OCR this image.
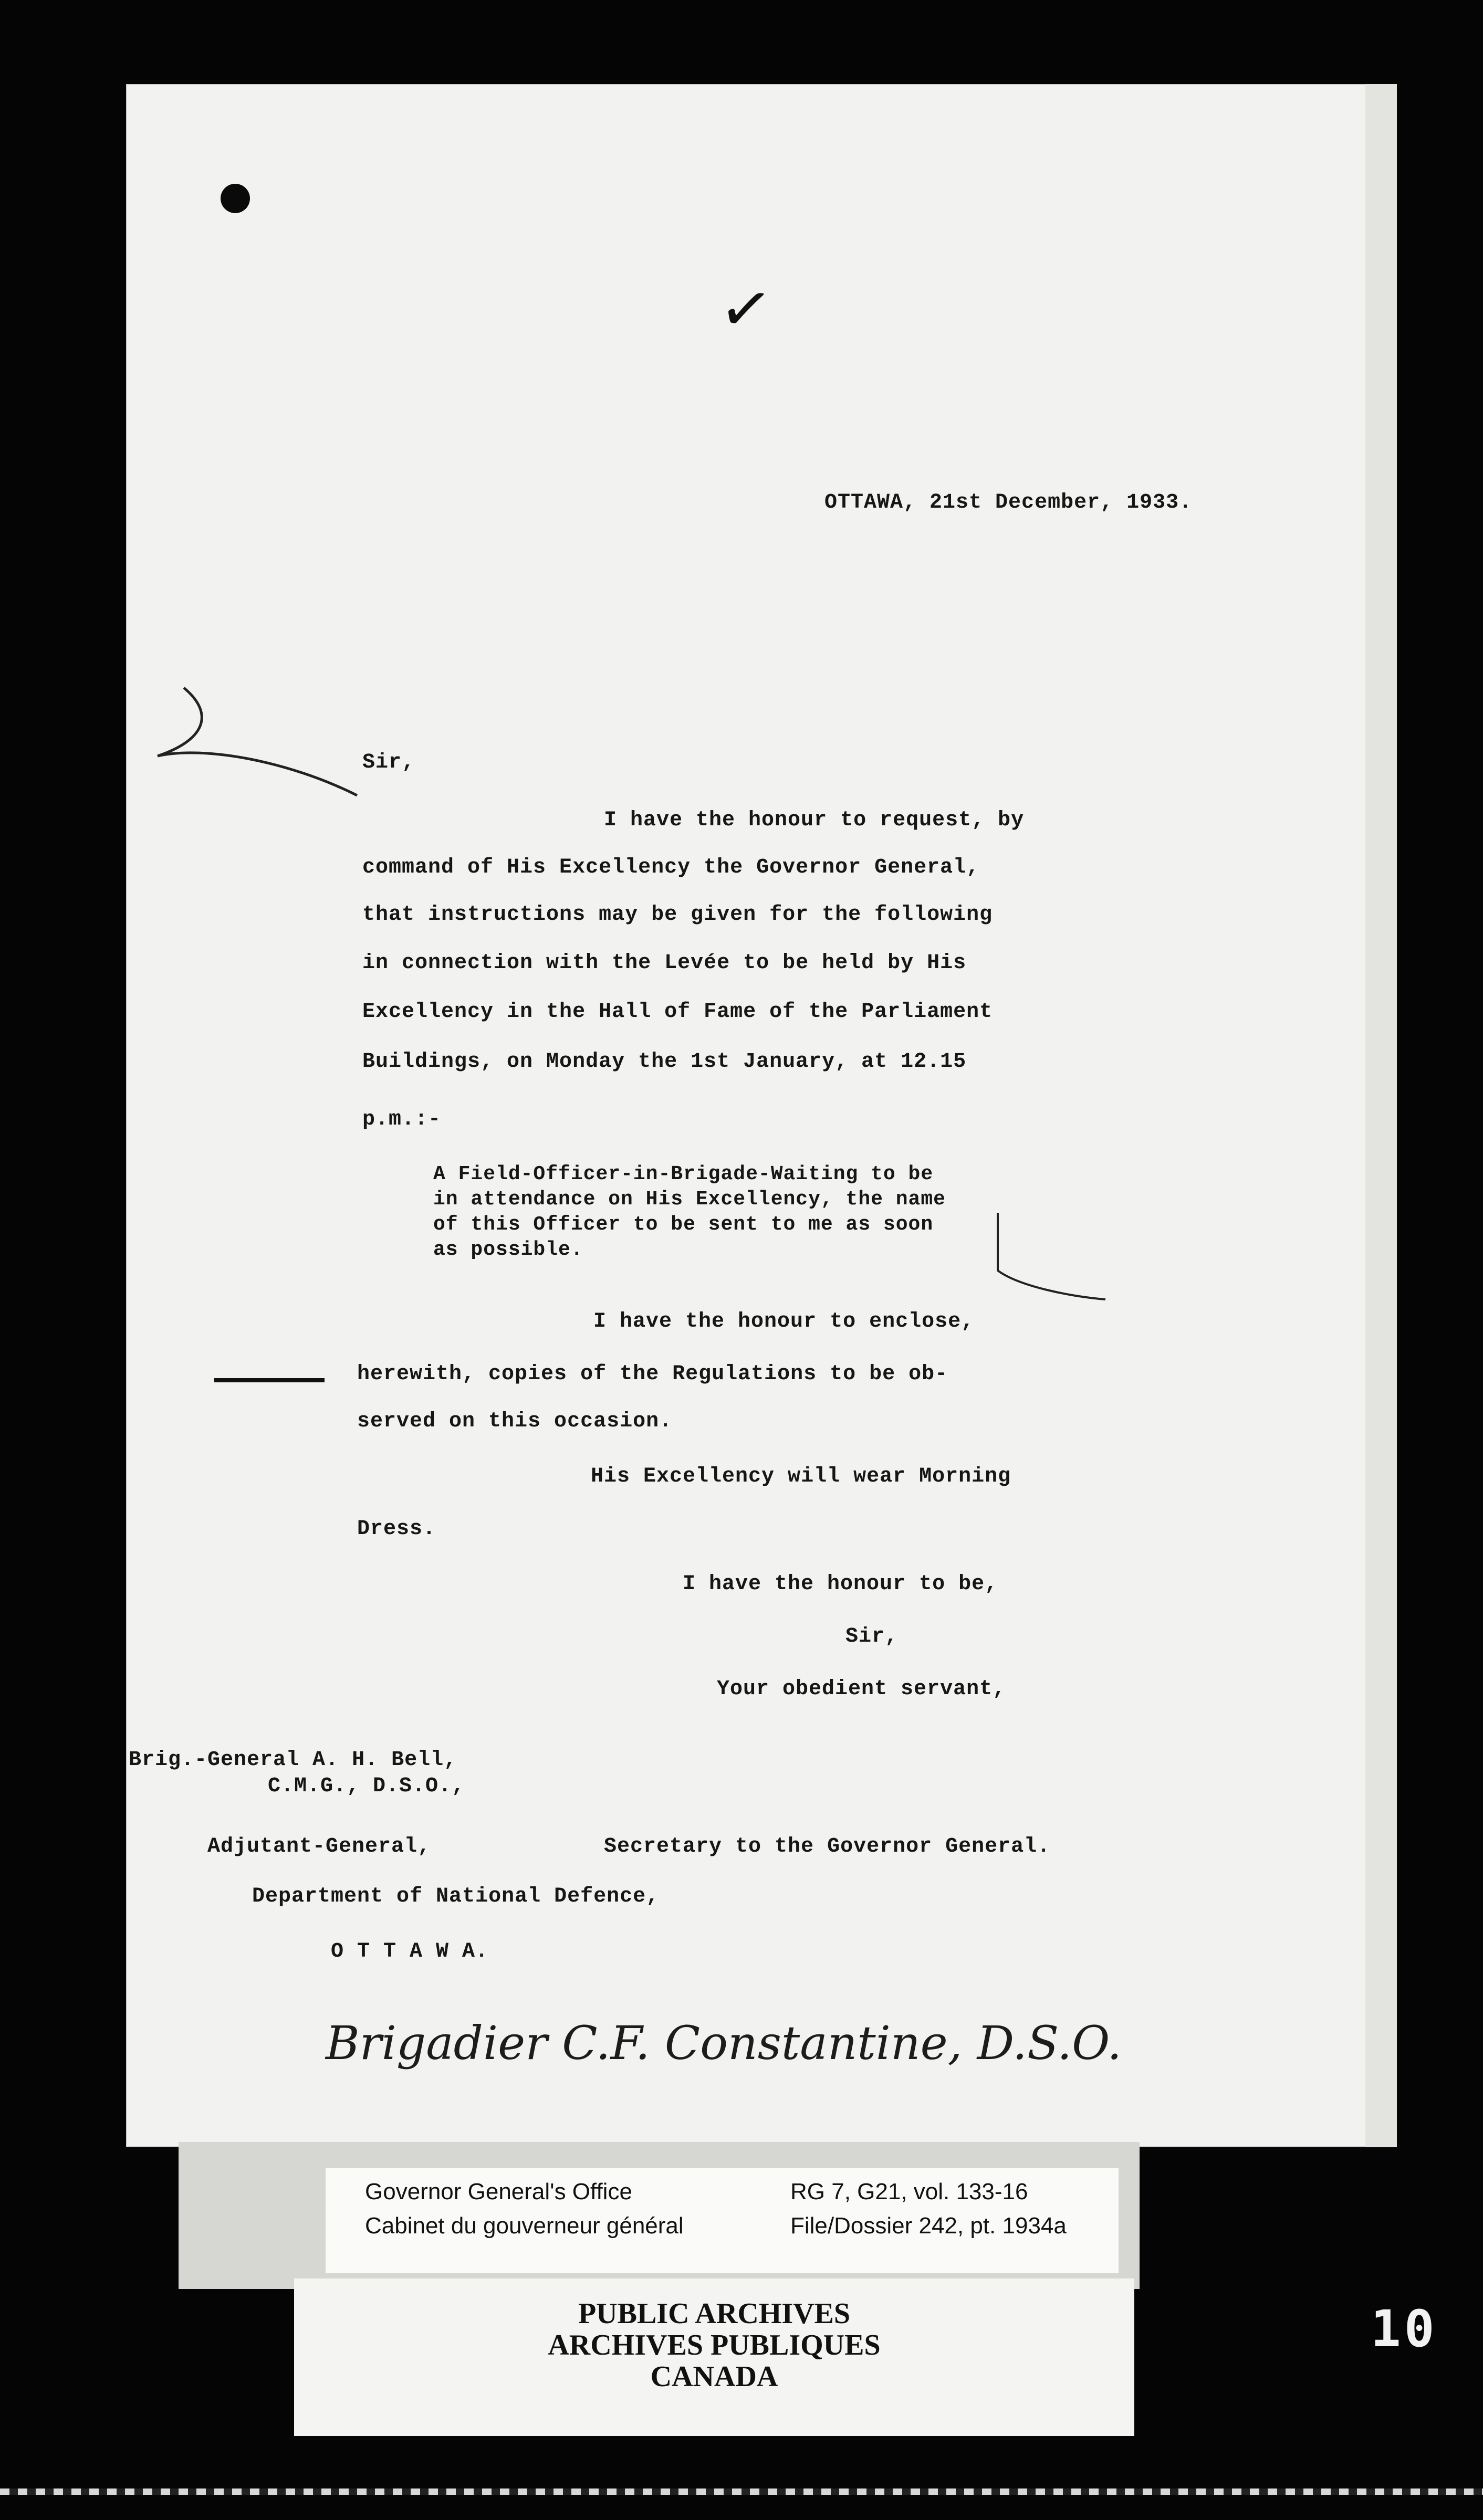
✓
OTTAWA, 21st December, 1933.
Sir,
I have the honour to request, by
command of His Excellency the Governor General,
that instructions may be given for the following
in connection with the Levée to be held by His
Excellency in the Hall of Fame of the Parliament
Buildings, on Monday the 1st January, at 12.15
p.m.:-
A Field-Officer-in-Brigade-Waiting to be
in attendance on His Excellency, the name
of this Officer to be sent to me as soon
as possible.
I have the honour to enclose,
herewith, copies of the Regulations to be ob-
served on this occasion.
His Excellency will wear Morning
Dress.
I have the honour to be,
Sir,
Your obedient servant,
Brig.-General A. H. Bell,
C.M.G., D.S.O.,
Adjutant-General,	Secretary to the Governor General.
Department of National Defence,
O T T A W A.
Brigadier C.F. Constantine, D.S.O.
Governor General's Office
Cabinet du gouverneur général
RG 7, G21, vol. 133-16
File/Dossier 242, pt. 1934a
PUBLIC ARCHIVES
ARCHIVES PUBLIQUES
CANADA
10
